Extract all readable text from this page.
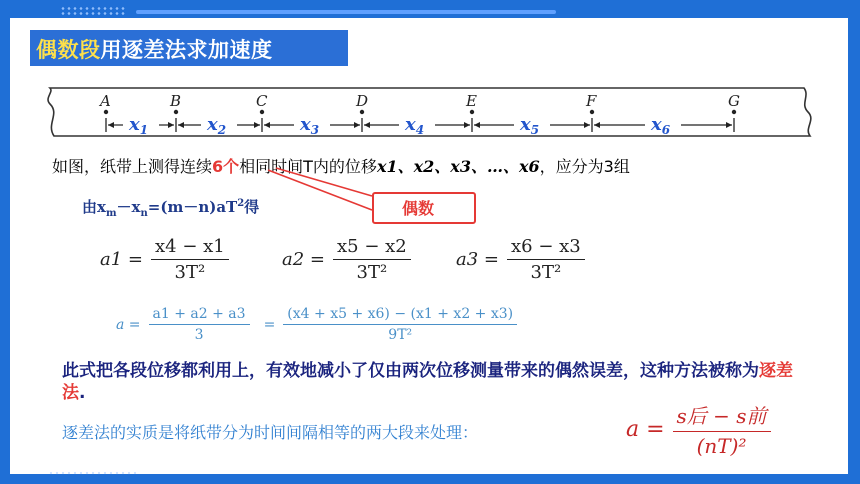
偶数段用逐差法求加速度
A	B	C	D	E	F	G
$x_1$	$x_2$	$x_3$	$x_4$	$x_5$	$x_6$
如图，纸带上测得连续6个相同时间T内的位移x1、x2、x3、…、x6，应分为3组
偶数
由$x_m-x_n=(m-n)aT^2$得
$a1 = \frac{x4 - x1}{\text{3T²}}$	$a2 = \frac{x5 - x2}{\text{3T²}}$	$a3 = \frac{x6 - x3}{\text{3T²}}$
$a = \frac{a1 + a2 + a3}{3} = \frac{(x4 + x5 + x6) - (x1 + x2 + x3)}{\text{9T²}}$
此式把各段位移都利用上，有效地减小了仅由两次位移测量带来的偶然误差，这种方法被称为逐差法.
逐差法的实质是将纸带分为时间间隔相等的两大段来处理：	$a = \frac{\text{s后 − s前}}{\text{(nT)²}}$
